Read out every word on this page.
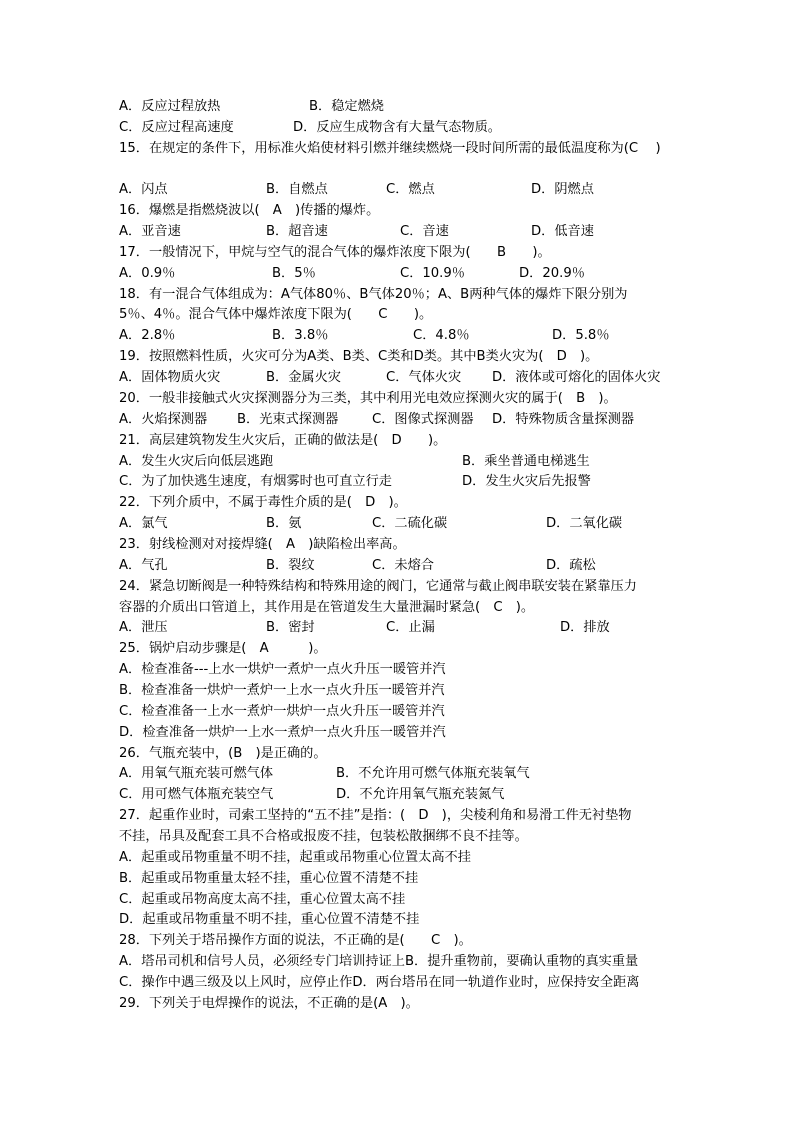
A．反应过程放热	B．稳定燃烧
C．反应过程高速度	D．反应生成物含有大量气态物质。
15．在规定的条件下，用标准火焰使材料引燃并继续燃烧一段时间所需的最低温度称为(C　 )
A．闪点	B．自燃点	C．燃点	D．阴燃点
16．爆燃是指燃烧波以(　A　)传播的爆炸。
A．亚音速	B．超音速	C．音速	D．低音速
17．一般情况下，甲烷与空气的混合气体的爆炸浓度下限为(　　B　　)。
A．0.9％	B．5％	C．10.9％	D．20.9％
18．有一混合气体组成为：A气体80％、B气体20％；A、B两种气体的爆炸下限分别为
5％、4％。混合气体中爆炸浓度下限为(　　C　　)。
A．2.8％	B．3.8％	C．4.8％	D．5.8％
19．按照燃料性质，火灾可分为A类、B类、C类和D类。其中B类火灾为(　D　)。
A．固体物质火灾	B．金属火灾	C．气体火灾 D．液体或可熔化的固体火灾
20．一般非接触式火灾探测器分为三类，其中利用光电效应探测火灾的属于(　B　)。
A．火焰探测器 B．光束式探测器	C．图像式探测器 D．特殊物质含量探测器
21．高层建筑物发生火灾后，正确的做法是(　D　　)。
A．发生火灾后向低层逃跑	B．乘坐普通电梯逃生
C．为了加快逃生速度，有烟雾时也可直立行走	D．发生火灾后先报警
22．下列介质中，不属于毒性介质的是(　D　)。
A．氯气	B．氨	C．二硫化碳	D．二氧化碳
23．射线检测对对接焊缝(　A　)缺陷检出率高。
A．气孔	B．裂纹	C．未熔合	D．疏松
24．紧急切断阀是一种特殊结构和特殊用途的阀门，它通常与截止阀串联安装在紧靠压力
容器的介质出口管道上，其作用是在管道发生大量泄漏时紧急(　C　)。
A．泄压	B．密封	C．止漏	D．排放
25．锅炉启动步骤是(　A　　　)。
A．检查准备---上水一烘炉一煮炉一点火升压一暖管并汽
B．检查准备一烘炉一煮炉一上水一点火升压一暖管并汽
C．检查准备一上水一煮炉一烘炉一点火升压一暖管并汽
D．检查准备一烘炉一上水一煮炉一点火升压一暖管并汽
26．气瓶充装中，(B　)是正确的。
A．用氧气瓶充装可燃气体	B．不允许用可燃气体瓶充装氧气
C．用可燃气体瓶充装空气	D．不允许用氧气瓶充装氮气
27．起重作业时，司索工坚持的“五不挂”是指：(　D　)，尖棱利角和易滑工件无衬垫物
不挂，吊具及配套工具不合格或报废不挂，包装松散捆绑不良不挂等。
A．起重或吊物重量不明不挂，起重或吊物重心位置太高不挂
B．起重或吊物重量太轻不挂，重心位置不清楚不挂
C．起重或吊物高度太高不挂，重心位置太高不挂
D．起重或吊物重量不明不挂，重心位置不清楚不挂
28．下列关于塔吊操作方面的说法，不正确的是(　　C　)。
A．塔吊司机和信号人员，必须经专门培训持证上B．提升重物前，要确认重物的真实重量
C．操作中遇三级及以上风时，应停止作D．两台塔吊在同一轨道作业时，应保持安全距离
29．下列关于电焊操作的说法，不正确的是(A　)。
